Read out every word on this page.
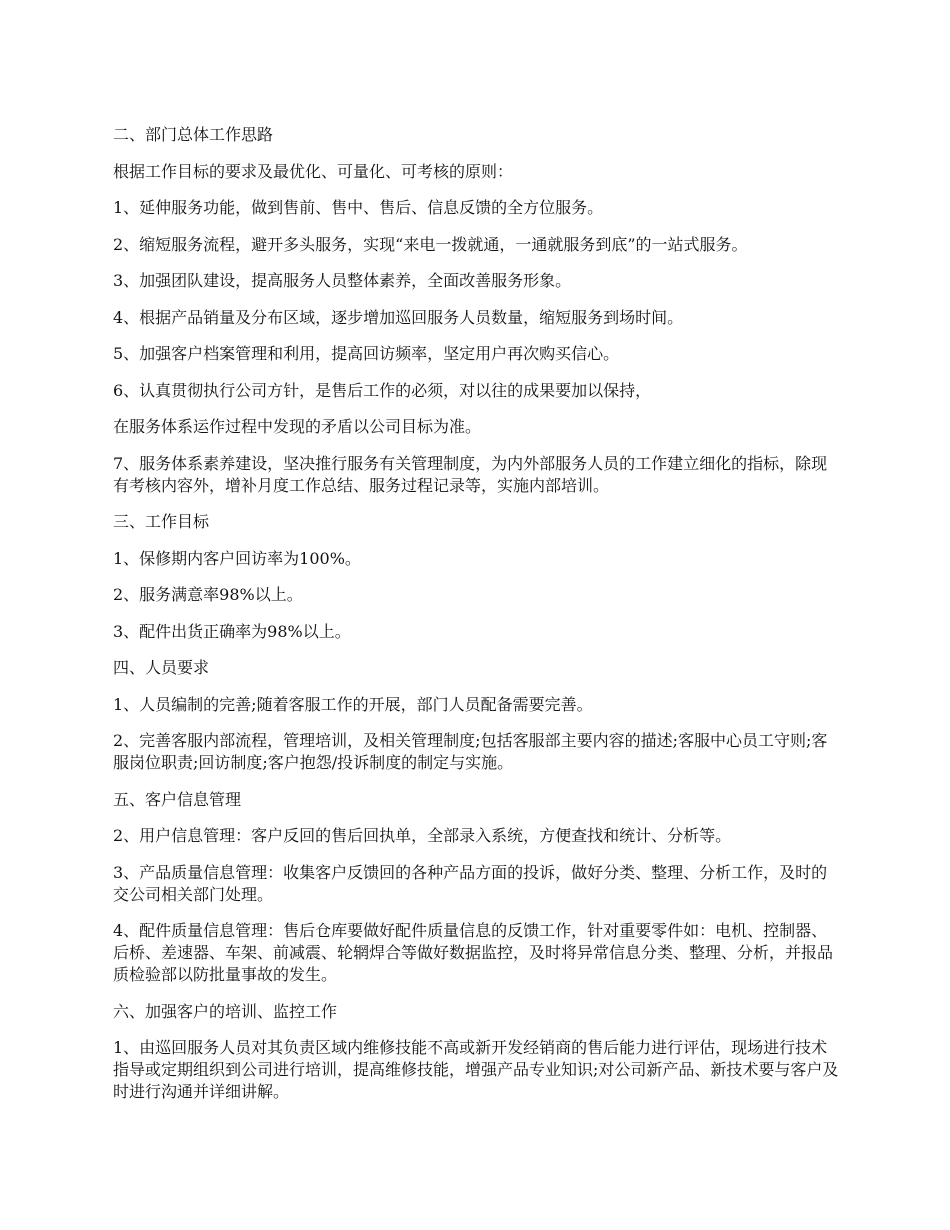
二、部门总体工作思路

根据工作目标的要求及最优化、可量化、可考核的原则：

1、延伸服务功能，做到售前、售中、售后、信息反馈的全方位服务。

2、缩短服务流程，避开多头服务，实现“来电一拨就通，一通就服务到底”的一站式服务。

3、加强团队建设，提高服务人员整体素养，全面改善服务形象。

4、根据产品销量及分布区域，逐步增加巡回服务人员数量，缩短服务到场时间。

5、加强客户档案管理和利用，提高回访频率，坚定用户再次购买信心。

6、认真贯彻执行公司方针，是售后工作的必须，对以往的成果要加以保持，

在服务体系运作过程中发现的矛盾以公司目标为准。

7、服务体系素养建设，坚决推行服务有关管理制度，为内外部服务人员的工作建立细化的指标，除现有考核内容外，增补月度工作总结、服务过程记录等，实施内部培训。

三、工作目标

1、保修期内客户回访率为100%。

2、服务满意率98%以上。

3、配件出货正确率为98%以上。

四、人员要求

1、人员编制的完善;随着客服工作的开展，部门人员配备需要完善。

2、完善客服内部流程，管理培训，及相关管理制度;包括客服部主要内容的描述;客服中心员工守则;客服岗位职责;回访制度;客户抱怨/投诉制度的制定与实施。

五、客户信息管理

2、用户信息管理：客户反回的售后回执单，全部录入系统，方便查找和统计、分析等。

3、产品质量信息管理：收集客户反馈回的各种产品方面的投诉，做好分类、整理、分析工作，及时的交公司相关部门处理。

4、配件质量信息管理：售后仓库要做好配件质量信息的反馈工作，针对重要零件如：电机、控制器、后桥、差速器、车架、前减震、轮辋焊合等做好数据监控，及时将异常信息分类、整理、分析，并报品质检验部以防批量事故的发生。

六、加强客户的培训、监控工作

1、由巡回服务人员对其负责区域内维修技能不高或新开发经销商的售后能力进行评估，现场进行技术指导或定期组织到公司进行培训，提高维修技能，增强产品专业知识;对公司新产品、新技术要与客户及时进行沟通并详细讲解。
